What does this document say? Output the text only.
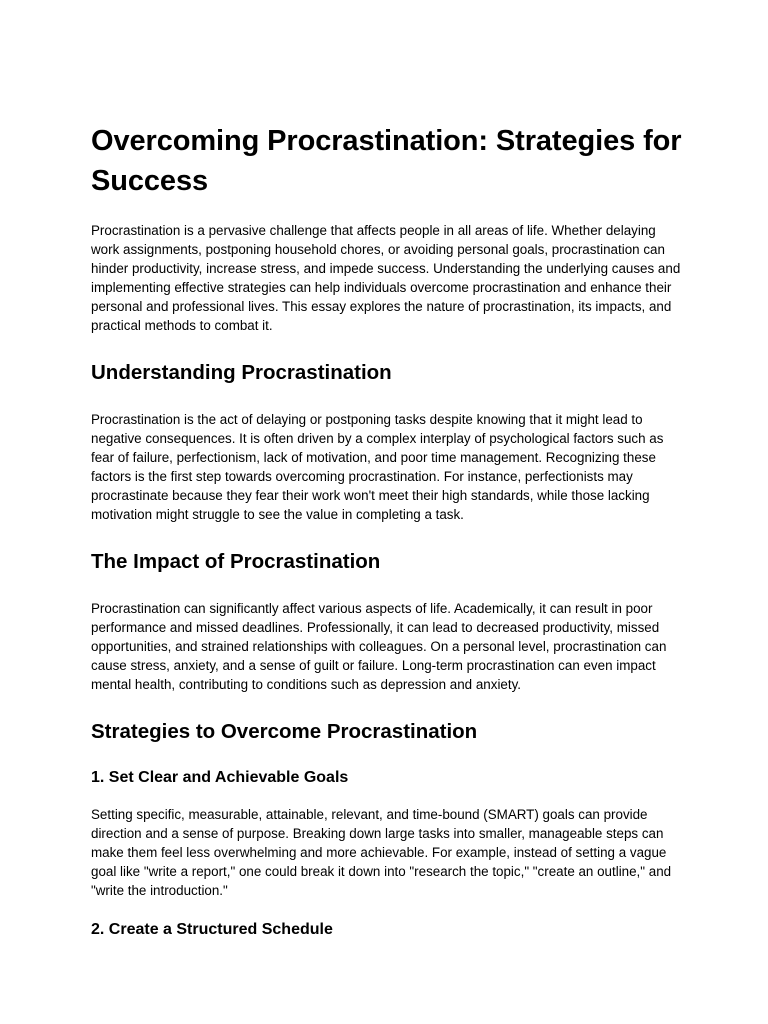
Overcoming Procrastination: Strategies for Success

Procrastination is a pervasive challenge that affects people in all areas of life. Whether delaying work assignments, postponing household chores, or avoiding personal goals, procrastination can hinder productivity, increase stress, and impede success. Understanding the underlying causes and implementing effective strategies can help individuals overcome procrastination and enhance their personal and professional lives. This essay explores the nature of procrastination, its impacts, and practical methods to combat it.

Understanding Procrastination

Procrastination is the act of delaying or postponing tasks despite knowing that it might lead to negative consequences. It is often driven by a complex interplay of psychological factors such as fear of failure, perfectionism, lack of motivation, and poor time management. Recognizing these factors is the first step towards overcoming procrastination. For instance, perfectionists may procrastinate because they fear their work won't meet their high standards, while those lacking motivation might struggle to see the value in completing a task.

The Impact of Procrastination

Procrastination can significantly affect various aspects of life. Academically, it can result in poor performance and missed deadlines. Professionally, it can lead to decreased productivity, missed opportunities, and strained relationships with colleagues. On a personal level, procrastination can cause stress, anxiety, and a sense of guilt or failure. Long-term procrastination can even impact mental health, contributing to conditions such as depression and anxiety.

Strategies to Overcome Procrastination
1. Set Clear and Achievable Goals

Setting specific, measurable, attainable, relevant, and time-bound (SMART) goals can provide direction and a sense of purpose. Breaking down large tasks into smaller, manageable steps can make them feel less overwhelming and more achievable. For example, instead of setting a vague goal like "write a report," one could break it down into "research the topic," "create an outline," and "write the introduction."

2. Create a Structured Schedule
